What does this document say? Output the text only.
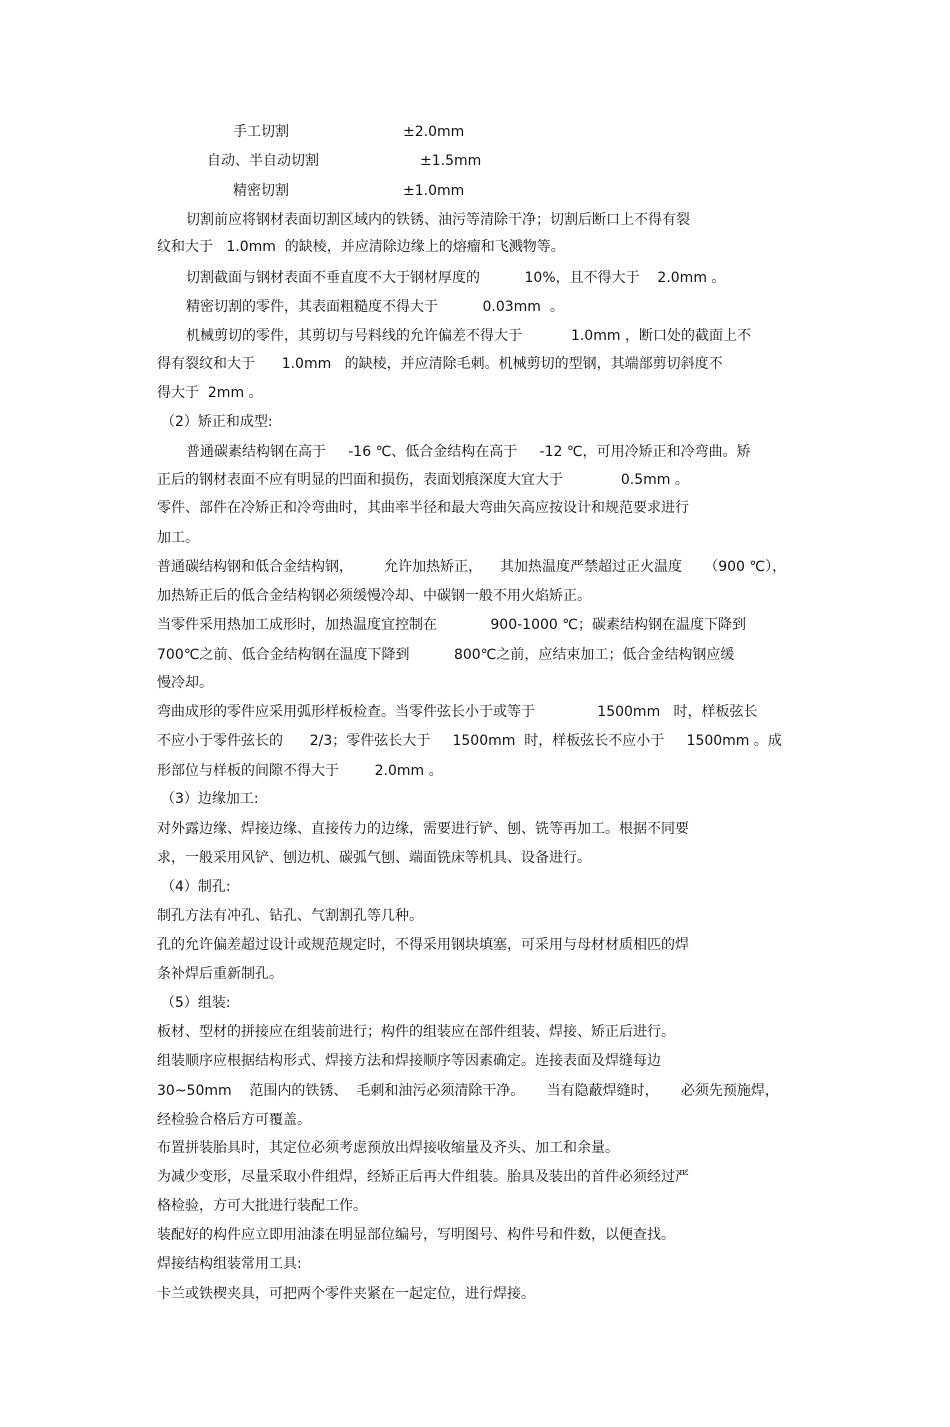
手工切割	±2.0mm
自动、半自动切割	±1.5mm
精密切割	±1.0mm
切割前应将钢材表面切割区域内的铁锈、油污等清除干净；切割后断口上不得有裂
纹和大于   1.0mm  的缺棱，并应清除边缘上的熔瘤和飞溅物等。
切割截面与钢材表面不垂直度不大于钢材厚度的          10%，且不得大于    2.0mm 。
精密切割的零件，其表面粗糙度不得大于          0.03mm  。
机械剪切的零件，其剪切与号料线的允许偏差不得大于           1.0mm ，断口处的截面上不
得有裂纹和大于      1.0mm   的缺棱，并应清除毛刺。机械剪切的型钢，其端部剪切斜度不
得大于  2mm 。
（2）矫正和成型:
普通碳素结构钢在高于     -16 ℃、低合金结构在高于     -12 ℃，可用冷矫正和冷弯曲。矫
正后的钢材表面不应有明显的凹面和损伤，表面划痕深度大宜大于             0.5mm 。
零件、部件在冷矫正和冷弯曲时，其曲率半径和最大弯曲矢高应按设计和规范要求进行
加工。
普通碳结构钢和低合金结构钢，       允许加热矫正，    其加热温度严禁超过正火温度     （900 ℃），
加热矫正后的低合金结构钢必须缓慢冷却、中碳钢一般不用火焰矫正。
当零件采用热加工成形时，加热温度宜控制在            900-1000 ℃；碳素结构钢在温度下降到
700℃之前、低合金结构钢在温度下降到          800℃之前，应结束加工；低合金结构钢应缓
慢冷却。
弯曲成形的零件应采用弧形样板检查。当零件弦长小于或等于              1500mm   时，样板弦长
不应小于零件弦长的      2/3；零件弦长大于     1500mm  时，样板弦长不应小于     1500mm 。成
形部位与样板的间隙不得大于        2.0mm 。
（3）边缘加工:
对外露边缘、焊接边缘、直接传力的边缘，需要进行铲、刨、铣等再加工。根据不同要
求，一般采用风铲、刨边机、碳弧气刨、端面铣床等机具、设备进行。
（4）制孔:
制孔方法有冲孔、钻孔、气割割孔等几种。
孔的允许偏差超过设计或规范规定时，不得采用钢块填塞，可采用与母材材质相匹的焊
条补焊后重新制孔。
（5）组装:
板材、型材的拼接应在组装前进行；构件的组装应在部件组装、焊接、矫正后进行。
组装顺序应根据结构形式、焊接方法和焊接顺序等因素确定。连接表面及焊缝每边
30~50mm    范围内的铁锈、  毛刺和油污必须清除干净。     当有隐蔽焊缝时，     必须先预施焊，
经检验合格后方可覆盖。
布置拼装胎具时，其定位必须考虑预放出焊接收缩量及齐头、加工和余量。
为减少变形，尽量采取小件组焊，经矫正后再大件组装。胎具及装出的首件必须经过严
格检验，方可大批进行装配工作。
装配好的构件应立即用油漆在明显部位编号，写明图号、构件号和件数，以便查找。
焊接结构组装常用工具:
卡兰或铁楔夹具，可把两个零件夹紧在一起定位，进行焊接。
